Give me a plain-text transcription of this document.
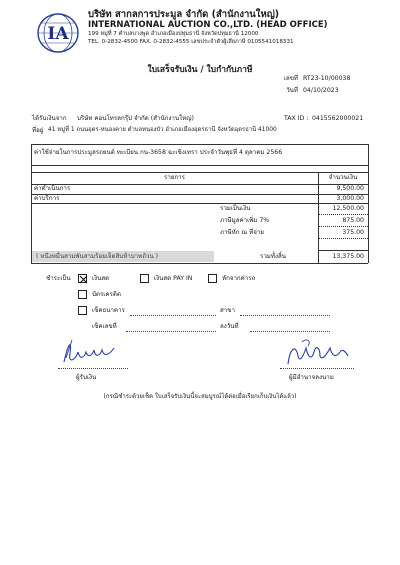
IA
บริษัท สากลการประมูล จำกัด (สำนักงานใหญ่)
INTERNATIONAL AUCTION CO.,LTD. (HEAD OFFICE)
199 หมู่ที่ 7 ตำบลบางพูด อำเภอเมืองปทุมธานี จังหวัดปทุมธานี 12000
TEL. 0-2832-4500 FAX. 0-2832-4555 เลขประจำตัวผู้เสียภาษี 0105541018331
ใบเสร็จรับเงิน / ใบกำกับภาษี
เลขที่ RT23-10/00038
วันที่ 04/10/2023
ได้รับเงินจาก บริษัท คอนโทรลกรุ๊ป จำกัด (สำนักงานใหญ่)	TAX ID : 0415562000021
ที่อยู่ 41 หมู่ที่ 1 ถนนอุดร-หนองคาย ตำบลหนองบัว อำเภอเมืองอุดรธานี จังหวัดอุดรธานี 41000
ค่าใช้จ่ายในการประมูลรถยนต์ ทะเบียน กน-3658 ฉะเชิงเทรา ประจำวันพุธที่ 4 ตุลาคม 2566
รายการ	จำนวนเงิน
ค่าดำเนินการ	9,500.00
ค่าบริการ	3,000.00
รวมเป็นเงิน	12,500.00
ภาษีมูลค่าเพิ่ม 7%	875.00
ภาษีหัก ณ ที่จ่าย	375.00
( หนึ่งหมื่นสามพันสามร้อยเจ็ดสิบห้าบาทถ้วน )	รวมทั้งสิ้น	13,375.00
ชำระเป็น	เงินสด	เงินสด PAY IN	หักจากค่ารถ
บัตรเครดิต
เช็คธนาคาร	สาขา
เช็คเลขที่	ลงวันที่
ผู้รับเงิน	ผู้มีอำนาจลงนาม
(กรณีชำระด้วยเช็ค ใบเสร็จรับเงินนี้จะสมบูรณ์ได้ต่อเมื่อเรียกเก็บเงินได้แล้ว)
